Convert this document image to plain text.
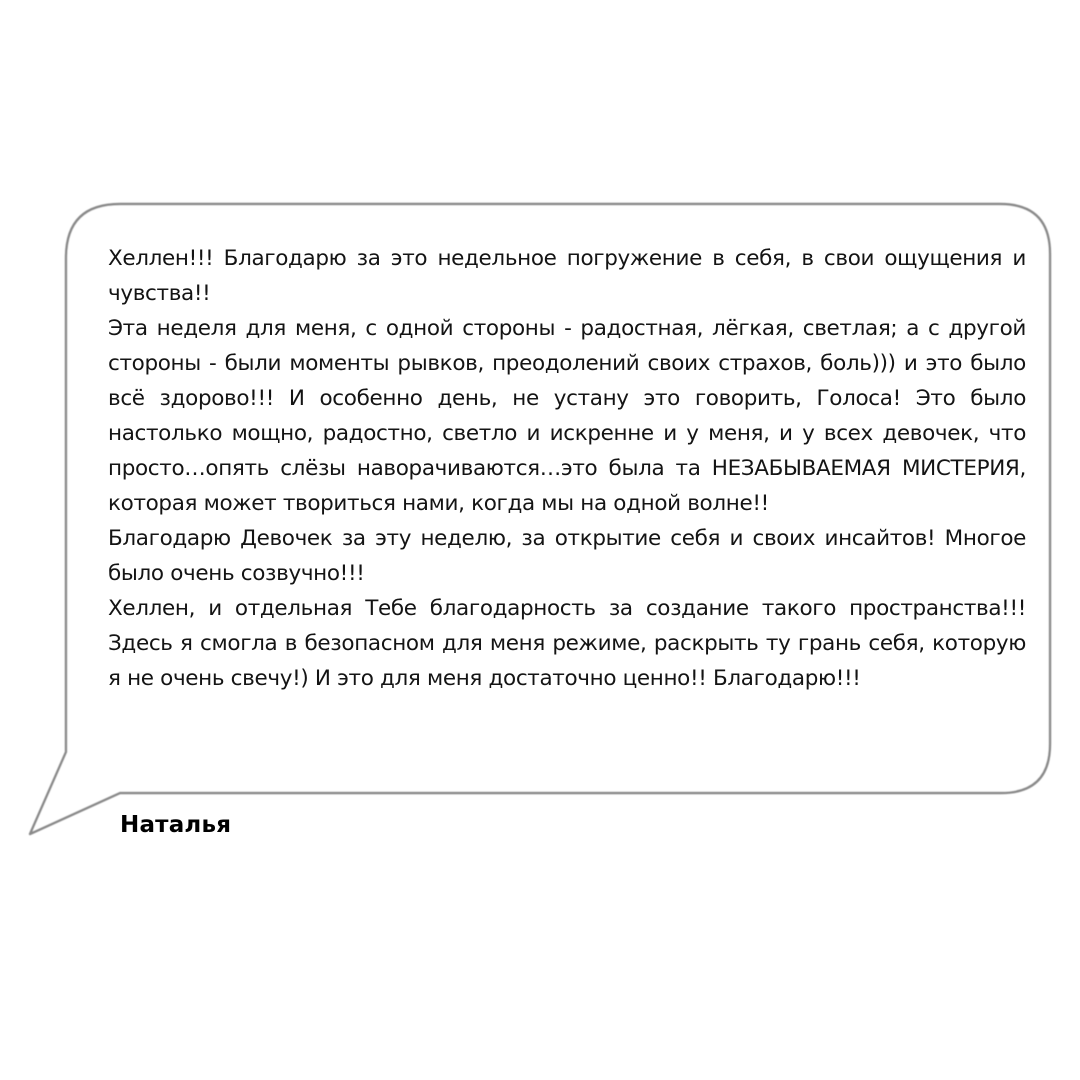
Хеллен!!! Благодарю за это недельное погружение в себя, в свои ощущения и чувства!!

Эта неделя для меня, с одной стороны - радостная, лёгкая, светлая; а с другой стороны - были моменты рывков, преодолений своих страхов, боль))) и это было всё здорово!!! И особенно день, не устану это говорить, Голоса! Это было настолько мощно, радостно, светло и искренне и у меня, и у всех девочек, что просто…опять слёзы наворачиваются…это была та НЕЗАБЫВАЕМАЯ МИСТЕРИЯ, которая может твориться нами, когда мы на одной волне!!

Благодарю Девочек за эту неделю, за открытие себя и своих инсайтов! Многое было очень созвучно!!!

Хеллен, и отдельная Тебе благодарность за создание такого пространства!!! Здесь я смогла в безопасном для меня режиме, раскрыть ту грань себя, которую я не очень свечу!) И это для меня достаточно ценно!! Благодарю!!!

Наталья
